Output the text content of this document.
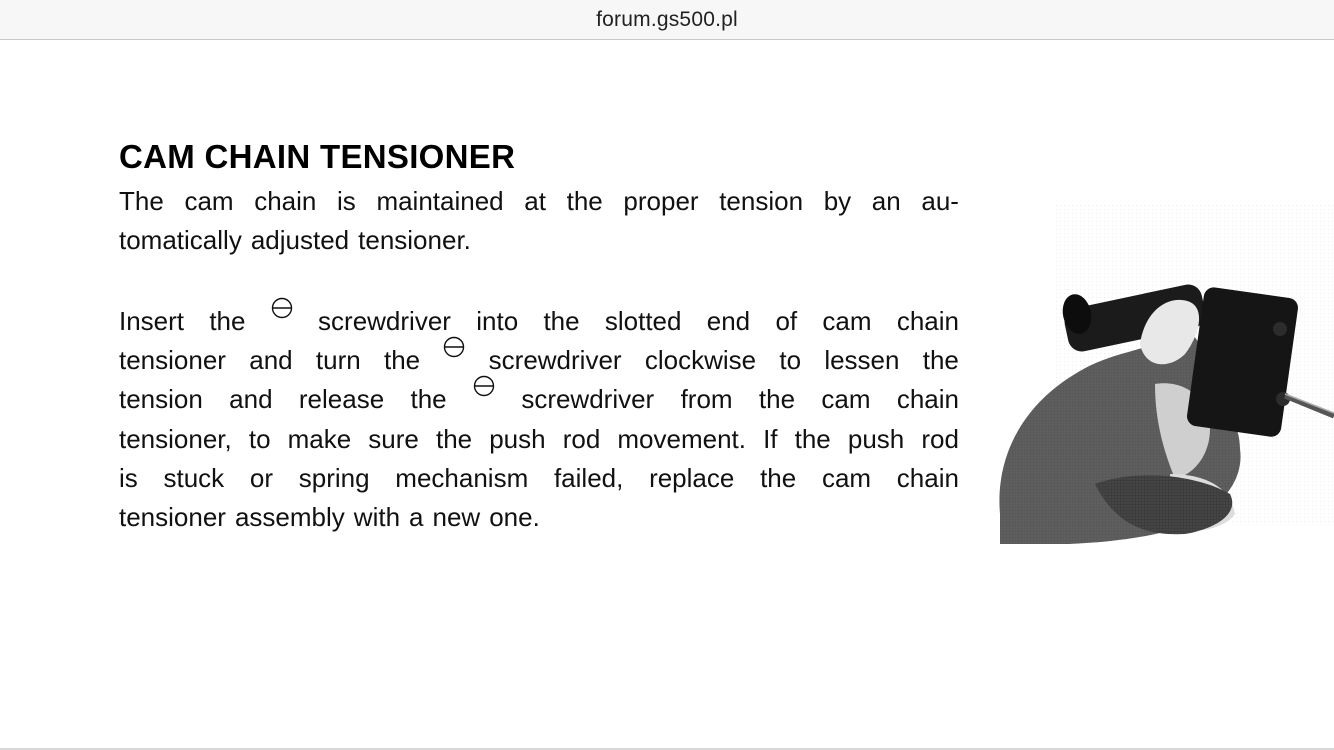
forum.gs500.pl
CAM CHAIN TENSIONER
The cam chain is maintained at the proper tension by an au-
tomatically adjusted tensioner.
Insert the	screwdriver into the slotted end of cam chain
tensioner and turn the	screwdriver clockwise to lessen the
tension and release the	screwdriver from the cam chain
tensioner, to make sure the push rod movement. If the push rod
is stuck or spring mechanism failed, replace the cam chain
tensioner assembly with a new one.
